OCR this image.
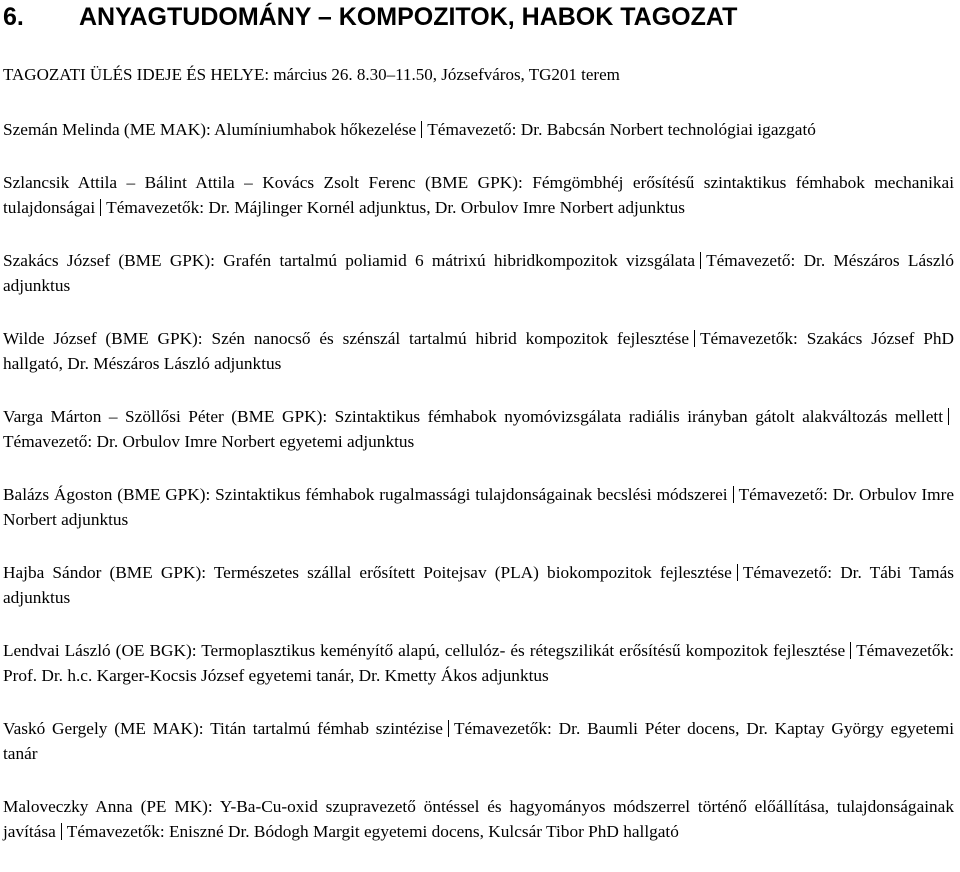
6. ANYAGTUDOMÁNY – KOMPOZITOK, HABOK TAGOZAT
TAGOZATI ÜLÉS IDEJE ÉS HELYE: március 26. 8.30–11.50, Józsefváros, TG201 terem

Szemán Melinda (ME MAK): Alumíniumhabok hőkezelése Témavezető: Dr. Babcsán Norbert technológiai igazgató

Szlancsik Attila – Bálint Attila – Kovács Zsolt Ferenc (BME GPK): Fémgömbhéj erősítésű szintaktikus fémhabok mechanikai tulajdonságai Témavezetők: Dr. Májlinger Kornél adjunktus, Dr. Orbulov Imre Norbert adjunktus

Szakács József (BME GPK): Grafén tartalmú poliamid 6 mátrixú hibridkompozitok vizsgálata Témavezető: Dr. Mészáros László adjunktus

Wilde József (BME GPK): Szén nanocső és szénszál tartalmú hibrid kompozitok fejlesztése Témavezetők: Szakács József PhD hallgató, Dr. Mészáros László adjunktus

Varga Márton – Szöllősi Péter (BME GPK): Szintaktikus fémhabok nyomóvizsgálata radiális irányban gátolt alakváltozás mellettTémavezető: Dr. Orbulov Imre Norbert egyetemi adjunktus

Balázs Ágoston (BME GPK): Szintaktikus fémhabok rugalmassági tulajdonságainak becslési módszerei Témavezető: Dr. Orbulov Imre Norbert adjunktus

Hajba Sándor (BME GPK): Természetes szállal erősített Poitejsav (PLA) biokompozitok fejlesztése Témavezető: Dr. Tábi Tamás adjunktus

Lendvai László (OE BGK): Termoplasztikus keményítő alapú, cellulóz- és rétegszilikát erősítésű kompozitok fejlesztése Témavezetők: Prof. Dr. h.c. Karger-Kocsis József egyetemi tanár, Dr. Kmetty Ákos adjunktus

Vaskó Gergely (ME MAK): Titán tartalmú fémhab szintézise Témavezetők: Dr. Baumli Péter docens, Dr. Kaptay György egyetemi tanár

Maloveczky Anna (PE MK): Y-Ba-Cu-oxid szupravezető öntéssel és hagyományos módszerrel történő előállítása, tulajdonságainak javítása Témavezetők: Eniszné Dr. Bódogh Margit egyetemi docens, Kulcsár Tibor PhD hallgató
